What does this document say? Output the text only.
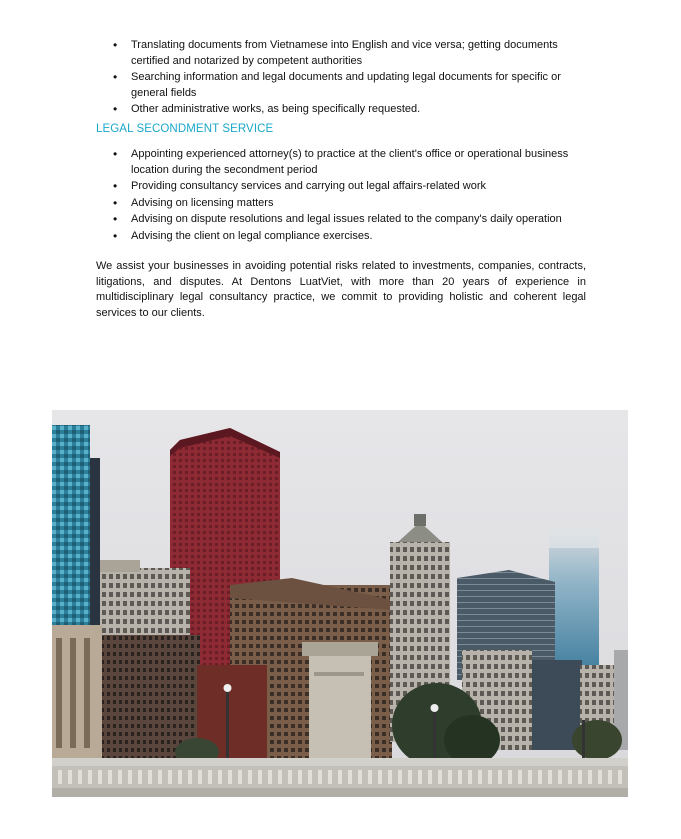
• Translating documents from Vietnamese into English and vice versa; getting documents certified and notarized by competent authorities
• Searching information and legal documents and updating legal documents for specific or general fields
• Other administrative works, as being specifically requested.
LEGAL SECONDMENT SERVICE
• Appointing experienced attorney(s) to practice at the client's office or operational business location during the secondment period
• Providing consultancy services and carrying out legal affairs-related work
• Advising on licensing matters
• Advising on dispute resolutions and legal issues related to the company's daily operation
• Advising the client on legal compliance exercises.

We assist your businesses in avoiding potential risks related to investments, companies, contracts, litigations, and disputes. At Dentons LuatViet, with more than 20 years of experience in multidisciplinary legal consultancy practice, we commit to providing holistic and coherent legal services to our clients.
